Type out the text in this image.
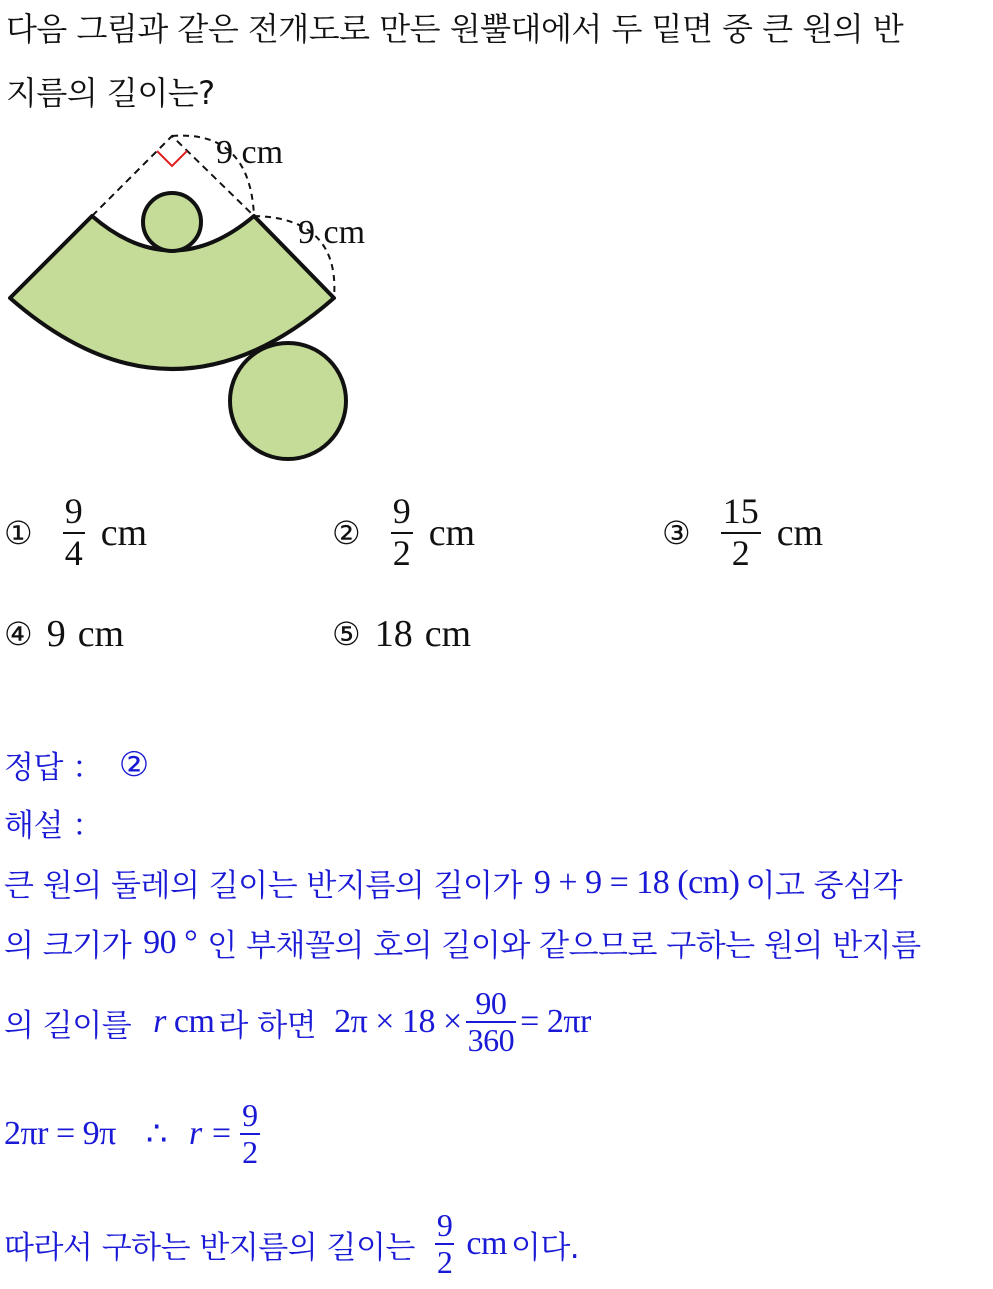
다음 그림과 같은 전개도로 만든 원뿔대에서 두 밑면 중 큰 원의 반
지름의 길이는?
9 cm
9 cm
① $\frac{9}{4}$ cm	② $\frac{9}{2}$ cm	③ $\frac{15}{2}$ cm
④ 9 cm	⑤ 18 cm
정답 ： ②
해설 ：
큰 원의 둘레의 길이는 반지름의 길이가 9 + 9 = 18 (cm) 이고 중심각
의 크기가 90 ° 인 부채꼴의 호의 길이와 같으므로 구하는 원의 반지름
의 길이를 r cm 라 하면 $2\pi \times 18 \times \frac{90}{360} = 2\pi r$
2πr = 9π ∴ $r = \frac{9}{2}$
따라서 구하는 반지름의 길이는 $\frac{9}{2}$ cm 이다.
